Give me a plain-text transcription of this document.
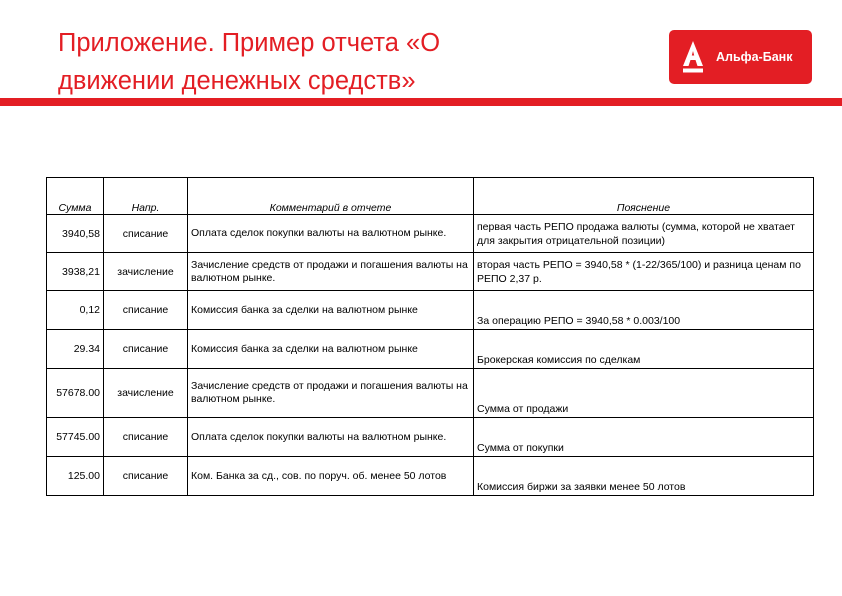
Приложение. Пример отчета «О
движении денежных средств»
Альфа-Банк
Сумма	Напр.	Комментарий в отчете	Пояснение
3940,58	списание	Оплата сделок покупки валюты на валютном рынке.	первая часть РЕПО продажа валюты (сумма, которой не хватает для закрытия отрицательной позиции)
3938,21	зачисление	Зачисление средств от продажи и погашения валюты на валютном рынке.	вторая часть РЕПО = 3940,58 * (1-22/365/100) и разница ценам по РЕПО 2,37 р.
0,12	списание	Комиссия банка за сделки на валютном рынке	За операцию РЕПО = 3940,58 * 0.003/100
29.34	списание	Комиссия банка за сделки на валютном рынке	Брокерская комиссия по сделкам
57678.00	зачисление	Зачисление средств от продажи и погашения валюты на валютном рынке.	Сумма от продажи
57745.00	списание	Оплата сделок покупки валюты на валютном рынке.	Сумма от покупки
125.00	списание	Ком. Банка за сд., сов. по поруч. об. менее 50 лотов	Комиссия биржи за заявки менее 50 лотов
